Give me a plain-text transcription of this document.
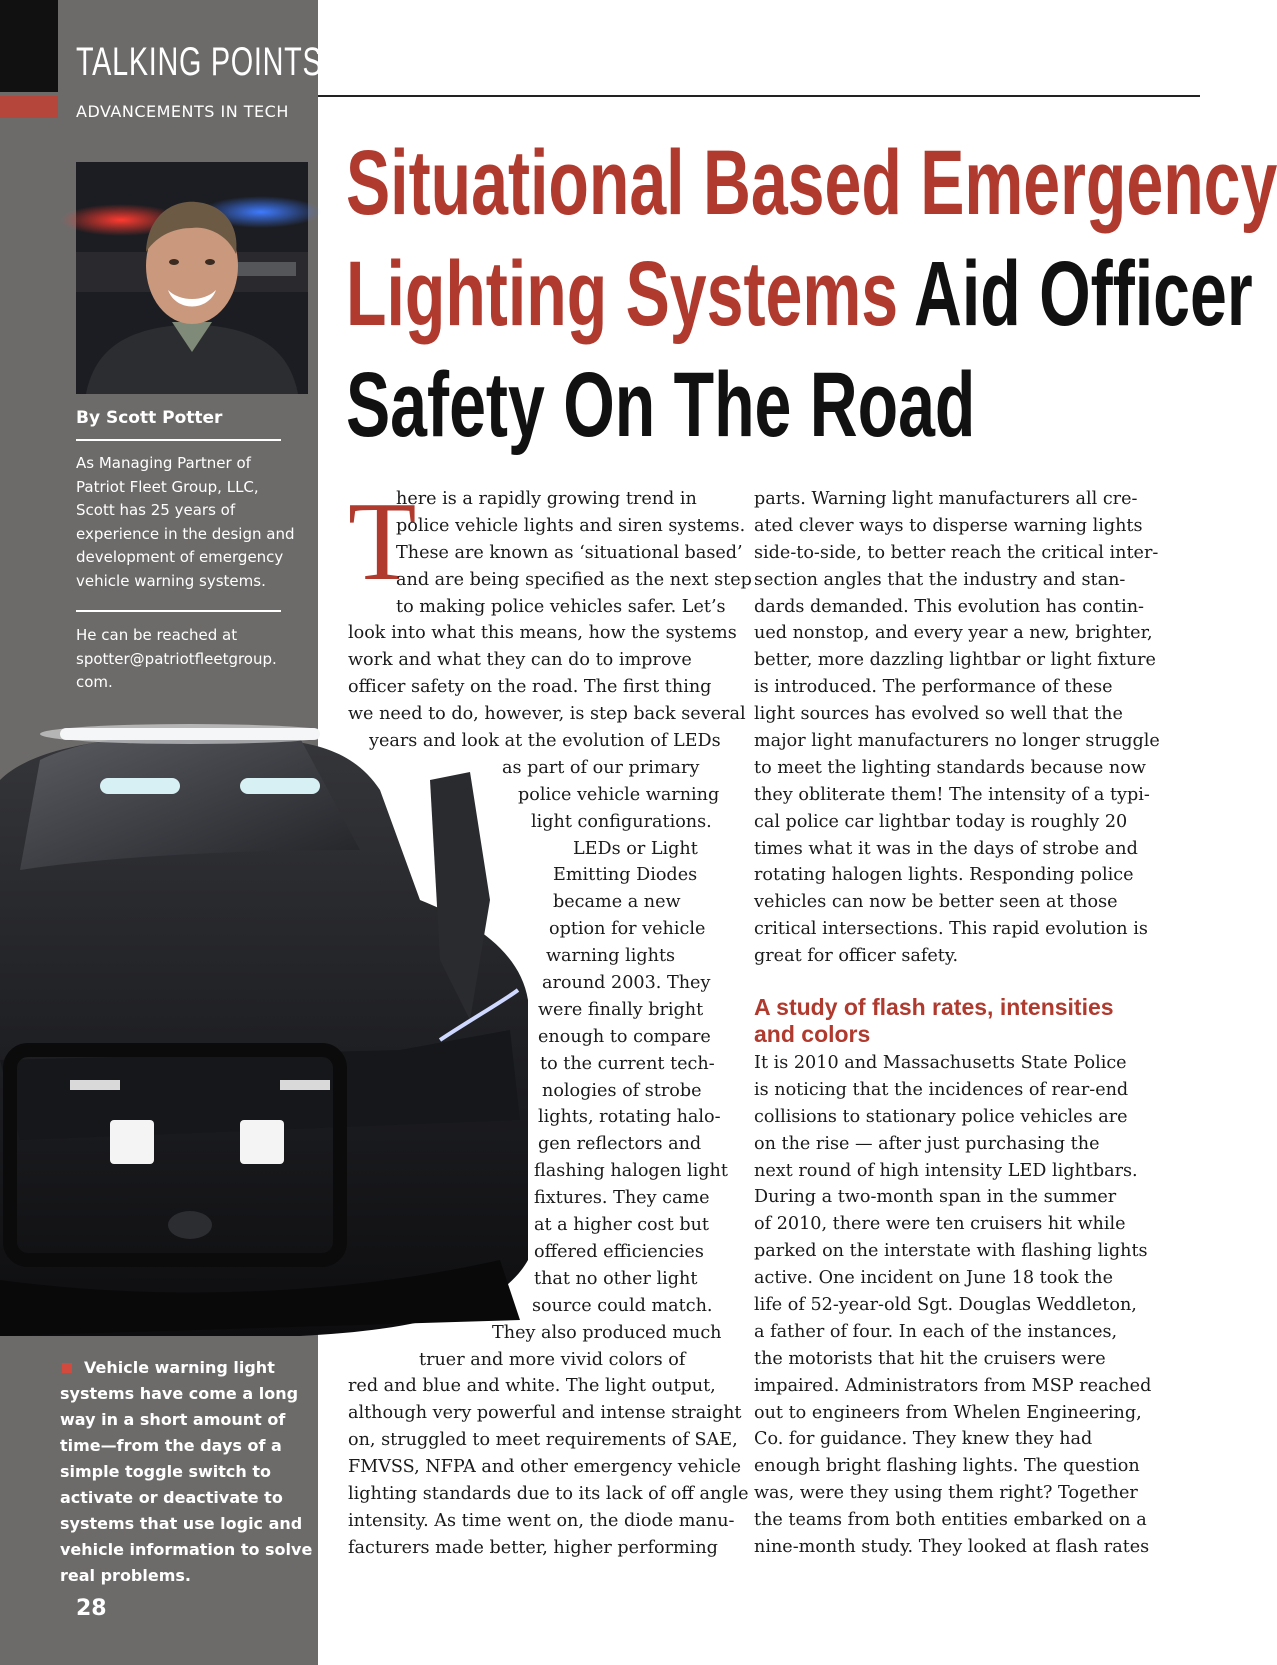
TALKING POINTS
ADVANCEMENTS IN TECH
By Scott Potter
As Managing Partner of Patriot Fleet Group, LLC, Scott has 25 years of experience in the design and development of emergency vehicle warning systems.
He can be reached at spotter@patriotfleetgroup. com.
Vehicle warning light systems have come a long way in a short amount of time—from the days of a simple toggle switch to activate or deactivate to systems that use logic and vehicle information to solve real problems.
28
Situational Based Emergency
Lighting Systems Aid Officer
Safety On The Road
T
here is a rapidly growing trend in
police vehicle lights and siren systems.
These are known as ‘situational based’
and are being specified as the next step
to making police vehicles safer. Let’s
look into what this means, how the systems
work and what they can do to improve
officer safety on the road. The first thing
we need to do, however, is step back several
years and look at the evolution of LEDs
as part of our primary
police vehicle warning
light configurations.
LEDs or Light
Emitting Diodes
became a new
option for vehicle
warning lights
around 2003. They
were finally bright
enough to compare
to the current tech-
nologies of strobe
lights, rotating halo-
gen reflectors and
flashing halogen light
fixtures. They came
at a higher cost but
offered efficiencies
that no other light
source could match.
They also produced much
truer and more vivid colors of
red and blue and white. The light output,
although very powerful and intense straight
on, struggled to meet requirements of SAE,
FMVSS, NFPA and other emergency vehicle
lighting standards due to its lack of off angle
intensity. As time went on, the diode manu-
facturers made better, higher performing
parts. Warning light manufacturers all cre-
ated clever ways to disperse warning lights
side-to-side, to better reach the critical inter-
section angles that the industry and stan-
dards demanded. This evolution has contin-
ued nonstop, and every year a new, brighter,
better, more dazzling lightbar or light fixture
is introduced. The performance of these
light sources has evolved so well that the
major light manufacturers no longer struggle
to meet the lighting standards because now
they obliterate them! The intensity of a typi-
cal police car lightbar today is roughly 20
times what it was in the days of strobe and
rotating halogen lights. Responding police
vehicles can now be better seen at those
critical intersections. This rapid evolution is
great for officer safety.
A study of flash rates, intensities
and colors
It is 2010 and Massachusetts State Police
is noticing that the incidences of rear-end
collisions to stationary police vehicles are
on the rise — after just purchasing the
next round of high intensity LED lightbars.
During a two-month span in the summer
of 2010, there were ten cruisers hit while
parked on the interstate with flashing lights
active. One incident on June 18 took the
life of 52-year-old Sgt. Douglas Weddleton,
a father of four. In each of the instances,
the motorists that hit the cruisers were
impaired. Administrators from MSP reached
out to engineers from Whelen Engineering,
Co. for guidance. They knew they had
enough bright flashing lights. The question
was, were they using them right? Together
the teams from both entities embarked on a
nine-month study. They looked at flash rates
